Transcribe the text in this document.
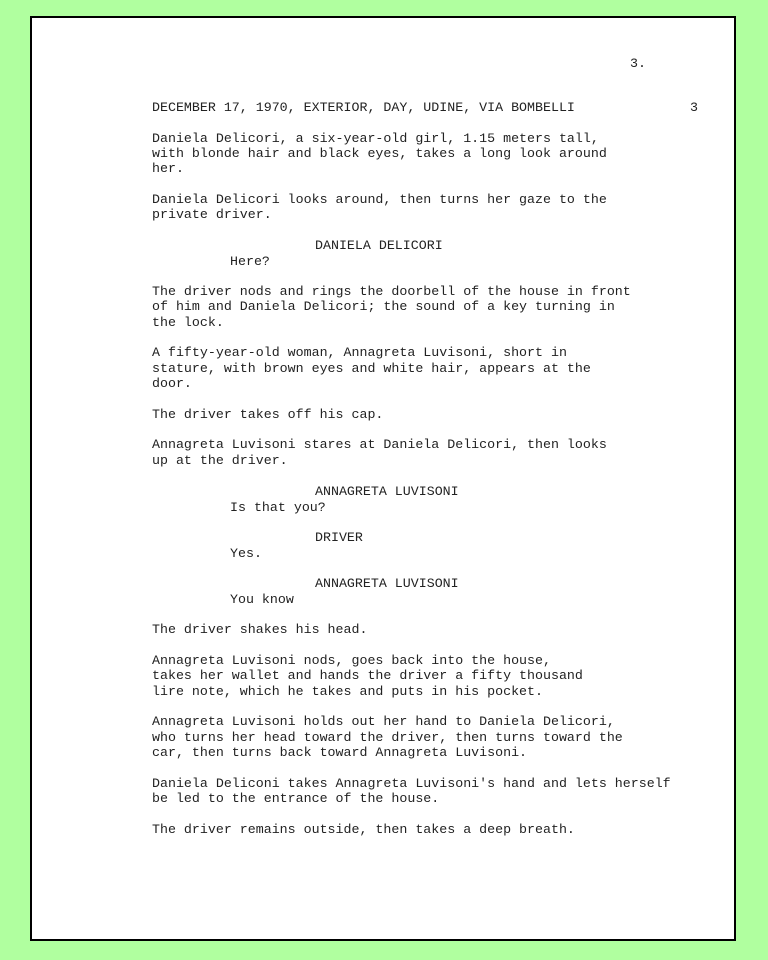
3.
DECEMBER 17, 1970, EXTERIOR, DAY, UDINE, VIA BOMBELLI	3
Daniela Delicori, a six-year-old girl, 1.15 meters tall,
with blonde hair and black eyes, takes a long look around
her.
Daniela Delicori looks around, then turns her gaze to the
private driver.
DANIELA DELICORI
Here?
The driver nods and rings the doorbell of the house in front
of him and Daniela Delicori; the sound of a key turning in
the lock.
A fifty-year-old woman, Annagreta Luvisoni, short in
stature, with brown eyes and white hair, appears at the
door.
The driver takes off his cap.
Annagreta Luvisoni stares at Daniela Delicori, then looks
up at the driver.
ANNAGRETA LUVISONI
Is that you?
DRIVER
Yes.
ANNAGRETA LUVISONI
You know
The driver shakes his head.
Annagreta Luvisoni nods, goes back into the house,
takes her wallet and hands the driver a fifty thousand
lire note, which he takes and puts in his pocket.
Annagreta Luvisoni holds out her hand to Daniela Delicori,
who turns her head toward the driver, then turns toward the
car, then turns back toward Annagreta Luvisoni.
Daniela Deliconi takes Annagreta Luvisoni's hand and lets herself
be led to the entrance of the house.
The driver remains outside, then takes a deep breath.
